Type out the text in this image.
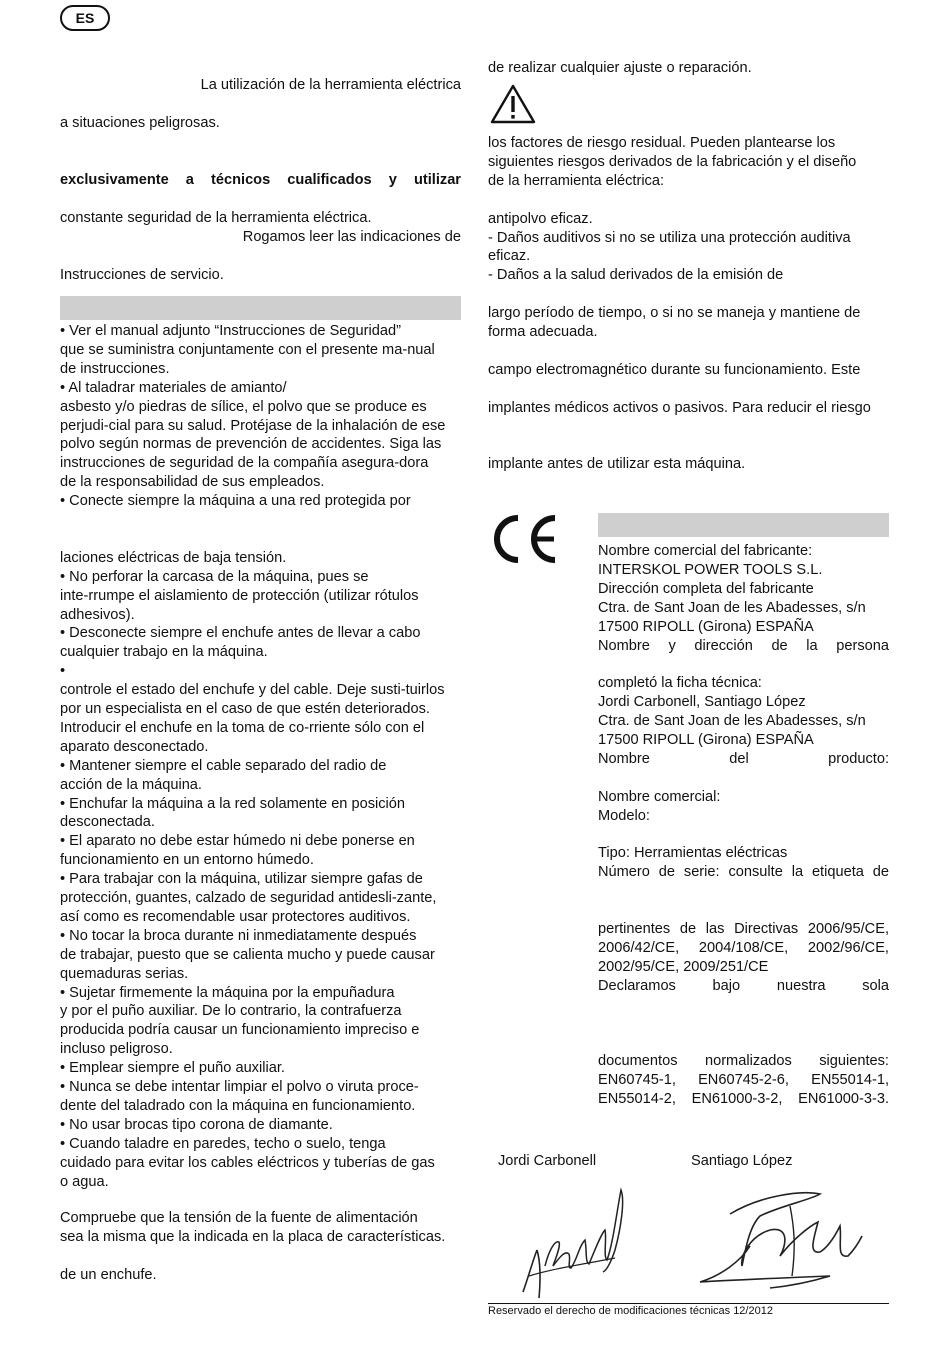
ES
La utilización de la herramienta eléctrica
a situaciones peligrosas.
exclusivamente a técnicos cualificados y utilizar
constante seguridad de la herramienta eléctrica.
Rogamos leer las indicaciones de
Instrucciones de servicio.
• Ver el manual adjunto “Instrucciones de Seguridad”
que se suministra conjuntamente con el presente ma-nual
de instrucciones.
• Al taladrar materiales de amianto/
asbesto y/o piedras de sílice, el polvo que se produce es
perjudi-cial para su salud. Protéjase de la inhalación de ese
polvo según normas de prevención de accidentes. Siga las
instrucciones de seguridad de la compañía asegura-dora
de la responsabilidad de sus empleados.
• Conecte siempre la máquina a una red protegida por
laciones eléctricas de baja tensión.
• No perforar la carcasa de la máquina, pues se
inte-rrumpe el aislamiento de protección (utilizar rótulos
adhesivos).
• Desconecte siempre el enchufe antes de llevar a cabo
cualquier trabajo en la máquina.
•
controle el estado del enchufe y del cable. Deje susti-tuirlos
por un especialista en el caso de que estén deteriorados.
Introducir el enchufe en la toma de co-rriente sólo con el
aparato desconectado.
• Mantener siempre el cable separado del radio de
acción de la máquina.
• Enchufar la máquina a la red solamente en posición
desconectada.
• El aparato no debe estar húmedo ni debe ponerse en
funcionamiento en un entorno húmedo.
• Para trabajar con la máquina, utilizar siempre gafas de
protección, guantes, calzado de seguridad antidesli-zante,
así como es recomendable usar protectores auditivos.
• No tocar la broca durante ni inmediatamente después
de trabajar, puesto que se calienta mucho y puede causar
quemaduras serias.
• Sujetar firmemente la máquina por la empuñadura
y por el puño auxiliar. De lo contrario, la contrafuerza
producida podría causar un funcionamiento impreciso e
incluso peligroso.
• Emplear siempre el puño auxiliar.
• Nunca se debe intentar limpiar el polvo o viruta proce-
dente del taladrado con la máquina en funcionamiento.
• No usar brocas tipo corona de diamante.
• Cuando taladre en paredes, techo o suelo, tenga
cuidado para evitar los cables eléctricos y tuberías de gas
o agua.
Compruebe que la tensión de la fuente de alimentación
sea la misma que la indicada en la placa de características.
de un enchufe.
de realizar cualquier ajuste o reparación.
los factores de riesgo residual. Pueden plantearse los
siguientes riesgos derivados de la fabricación y el diseño
de la herramienta eléctrica:
antipolvo eficaz.
- Daños auditivos si no se utiliza una protección auditiva
eficaz.
- Daños a la salud derivados de la emisión de
largo período de tiempo, o si no se maneja y mantiene de
forma adecuada.
campo electromagnético durante su funcionamiento. Este
implantes médicos activos o pasivos. Para reducir el riesgo
implante antes de utilizar esta máquina.
Nombre comercial del fabricante:
INTERSKOL POWER TOOLS S.L.
Dirección completa del fabricante
Ctra. de Sant Joan de les Abadesses, s/n
17500 RIPOLL (Girona) ESPAÑA
Nombre y dirección de la persona
completó la ficha técnica:
Jordi Carbonell, Santiago López
Ctra. de Sant Joan de les Abadesses, s/n
17500 RIPOLL (Girona) ESPAÑA
Nombre del producto:
Nombre comercial:
Modelo:
Tipo: Herramientas eléctricas
Número de serie: consulte la etiqueta de
pertinentes de las Directivas 2006/95/CE,
2006/42/CE, 2004/108/CE, 2002/96/CE,
2002/95/CE, 2009/251/CE
Declaramos bajo nuestra sola
documentos normalizados siguientes:
EN60745-1, EN60745-2-6, EN55014-1,
EN55014-2, EN61000-3-2, EN61000-3-3.
Jordi Carbonell	Santiago López
Reservado el derecho de modificaciones técnicas 12/2012
